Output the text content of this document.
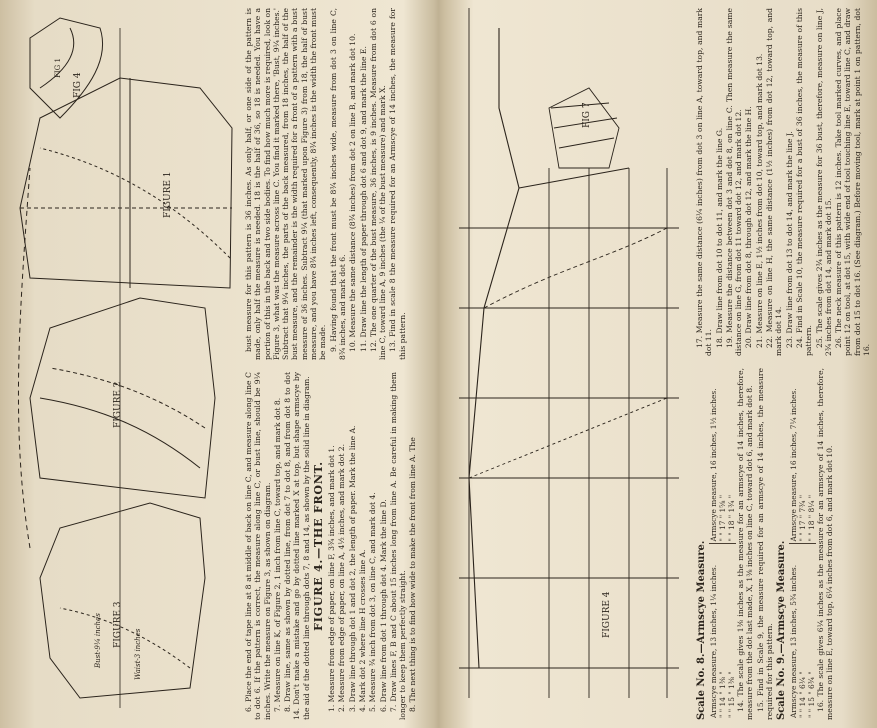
FIGURE 3
Waist-3 inches
Bust-9¼ inches
FIGURE 2
FIGURE 1
FIG 4
FIG 1

6. Place the end of tape line at 8 at middle of back on line C, and measure along line C to dot 6. If the pattern is correct, the measure along line C, or bust line, should be 9¼ inches. Write the measure on Figure 3, as shown on diagram. 7. Measure on line K, of Figure 2, 1 inch from line C, toward top, and mark dot 8. 8. Draw line, same as shown by dotted line, from dot 7 to dot 8, and from dot 8 to dot 14. Don't make a mistake and go by dotted line marked X at top, but shape armscye by the aid of the dotted line through dots 7, 8 and 14, as shown by the solid line in diagram. FIGURE 4.—THE FRONT. 1. Measure from edge of paper, on line F, 3¾ inches, and mark dot 1. 2. Measure from edge of paper, on line A, 4½ inches, and mark dot 2. 3. Draw line through dot 1 and dot 2, the length of paper. Mark the line A. 4. Mark dot 2 where line H crosses line A. 5. Measure ¾ inch from dot 3, on line C, and mark dot 4. 6. Draw line from dot 1 through dot 4. Mark the line D. 7. Draw lines F, B and C about 15 inches long from line A. Be careful in making them longer to keep them perfectly straight. 8. The next thing is to find how wide to make the front from line A. The

bust measure for this pattern is 36 inches. As only half, or one side of the pattern is made, only half the measure is needed. 18 is the half of 36, so 18 is needed. You have a portion of this in the back and two side bodies. To find how much more is required, look on Figure 3, what was the measure across line C. You find it marked there, 'Bust, 9¼ inches.' Subtract that 9¼ inches, the parts of the back measured, from 18 inches, the half of the bust measure, and the remainder is the width required for a front of a pattern with a bust measure of 36 inches. Subtract 9¼ (that marked upon Figure 3) from 18, the half of bust measure, and you have 8¾ inches left, consequently, 8¾ inches is the width the front must be made. 9. Having found that the front must be 8¾ inches wide, measure from dot 3 on line C, 8¾ inches, and mark dot 6. 10. Measure the same distance (8¾ inches) from dot 2 on line B, and mark dot 10. 11. Draw line the length of paper through dot 6 and dot 9, and mark the line E. 12. The one quarter of the bust measure, 36 inches, is 9 inches. Measure from dot 6 on line C, toward line A, 9 inches (the ¼ of the bust measure) and mark X. 13. Find in scale 8 the measure required for an Armscye of 14 inches, the measure for this pattern.

FIGURE 4
FIG 7

Scale No. 8.—Armscye Measure. Armscye measure, 13 inches, 1¼ inches.	Armscye measure, 16 inches, 1½ inches.
" " 14 " 1⅜ "	" " 17 " 1⅝ "
" " 15 " 1⅜ "	" " 18 " 1¾ " 14. The scale gives 1⅜ inches as the measure for an armscye of 14 inches, therefore, measure from the dot last made, X, 1⅜ inches on line C, toward dot 6, and mark dot 8. 15. Find in Scale 9, the measure required for an armscye of 14 inches, the measure required for this pattern. Scale No. 9.—Armscye Measure. Armscye measure, 13 inches, 5¾ inches.	Armscye measure, 16 inches, 7¼ inches.
" " 14 " 6¼ "	" " 17 " 7¾ "
" " 15 " 6¾ "	" " 18 " 8¼ " 16. The scale gives 6¼ inches as the measure for an armscye of 14 inches, therefore, measure on line E, toward top, 6¼ inches from dot 6, and mark dot 10.

17. Measure the same distance (6¼ inches) from dot 3 on line A, toward top, and mark dot 11. 18. Draw line from dot 10 to dot 11, and mark the line G. 19. Measure the distance between dot 3 and dot 8, on line C. Then measure the same distance on line G, from dot 11 toward dot 12, and mark dot 12. 20. Draw line from dot 8, through dot 12, and mark the line H. 21. Measure on line E, 1½ inches from dot 10, toward top, and mark dot 13. 22. Measure on line H, the same distance (1½ inches) from dot 12, toward top, and mark dot 14. 23. Draw line from dot 13 to dot 14, and mark the line J. 24. Find in Scale 10, the measure required for a bust of 36 inches, the measure of this pattern. 25. The scale gives 2¾ inches as the measure for 36 bust, therefore, measure on line J, 2¾ inches from dot 14, and mark dot 15. 26. The neck measure of this pattern is 12 inches. Take tool marked curves, and place point 12 on tool, at dot 15, with wide end of tool touching line E, toward line C, and draw from dot 15 to dot 16. (See diagram.) Before moving tool, mark at point 1 on pattern, dot 16.
